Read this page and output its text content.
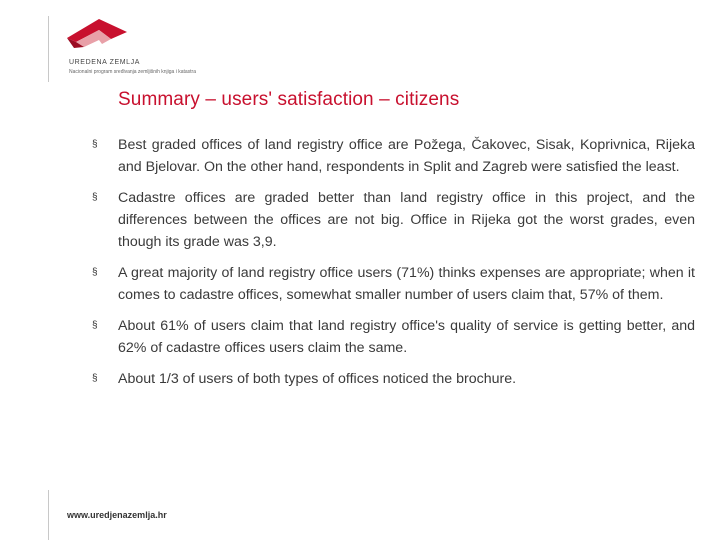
UREDENA ZEMLJA
Nacionalni program sređivanja zemljišnih knjiga i katastra
Summary – users' satisfaction – citizens
§	Best graded offices of land registry office are Požega, Čakovec, Sisak, Koprivnica, Rijeka and Bjelovar. On the other hand, respondents in Split and Zagreb were satisfied the least.
§	Cadastre offices are graded better than land registry office in this project, and the differences between the offices are not big. Office in Rijeka got the worst grades, even though its grade was 3,9.
§	A great majority of land registry office users (71%) thinks expenses are appropriate; when it comes to cadastre offices, somewhat smaller number of users claim that, 57% of them.
§	About 61% of users claim that land registry office's quality of service is getting better, and 62% of cadastre offices users claim the same.
§	About 1/3 of users of both types of offices noticed the brochure.
www.uredjenazemlja.hr
